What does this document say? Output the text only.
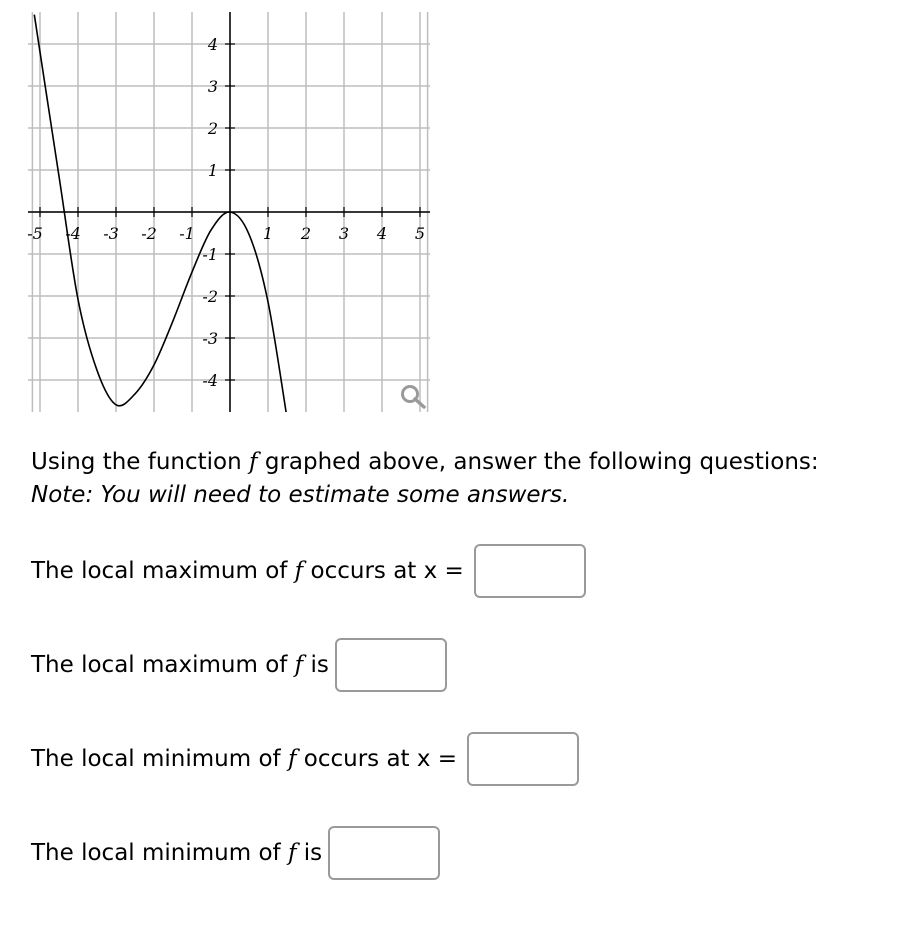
-5 -4 -3 -2 -1	1 2 3 4 5
4
3
2
1
-1
-2
-3
-4
Using the function f graphed above, answer the following questions:
Note: You will need to estimate some answers.
The local maximum of f occurs at x =
The local maximum of f is
The local minimum of f occurs at x =
The local minimum of f is
